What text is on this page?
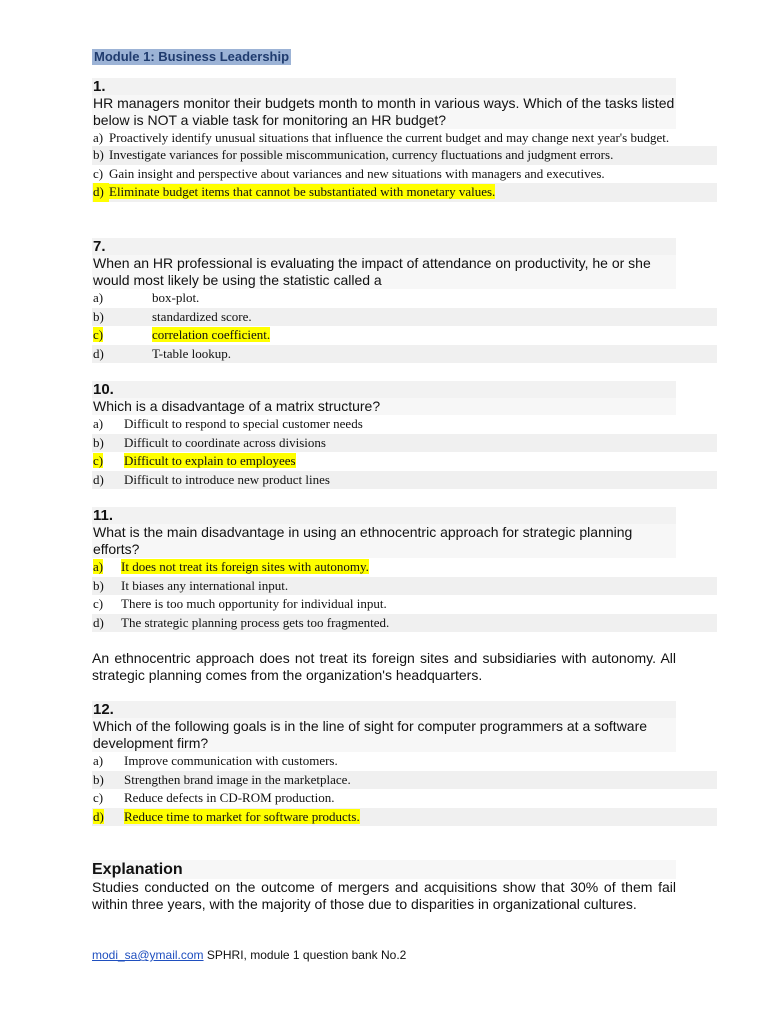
Module 1: Business Leadership

1.

HR managers monitor their budgets month to month in various ways. Which of the tasks listed below is NOT a viable task for monitoring an HR budget?

a) Proactively identify unusual situations that influence the current budget and may change next year's budget.
b) Investigate variances for possible miscommunication, currency fluctuations and judgment errors.
c) Gain insight and perspective about variances and new situations with managers and executives.
d) Eliminate budget items that cannot be substantiated with monetary values.

7.

When an HR professional is evaluating the impact of attendance on productivity, he or she would most likely be using the statistic called a

a)	box-plot.
b)	standardized score.
c)	correlation coefficient.
d)	T-table lookup.

10.

Which is a disadvantage of a matrix structure?

a)	Difficult to respond to special customer needs
b)	Difficult to coordinate across divisions
c)	Difficult to explain to employees
d)	Difficult to introduce new product lines

11.

What is the main disadvantage in using an ethnocentric approach for strategic planning efforts?

a)	It does not treat its foreign sites with autonomy.
b)	It biases any international input.
c)	There is too much opportunity for individual input.
d)	The strategic planning process gets too fragmented.

An ethnocentric approach does not treat its foreign sites and subsidiaries with autonomy. All strategic planning comes from the organization's headquarters.

12.

Which of the following goals is in the line of sight for computer programmers at a software development firm?

a)	Improve communication with customers.
b)	Strengthen brand image in the marketplace.
c)	Reduce defects in CD-ROM production.
d)	Reduce time to market for software products.

Explanation

Studies conducted on the outcome of mergers and acquisitions show that 30% of them fail within three years, with the majority of those due to disparities in organizational cultures.

modi_sa@ymail.com SPHRI, module 1 question bank No.2
